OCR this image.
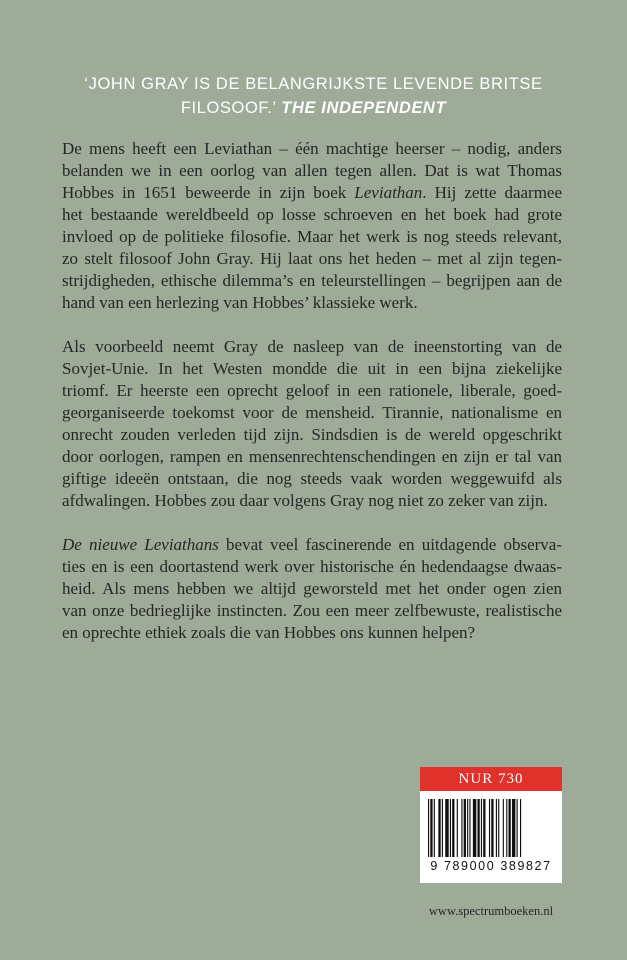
‘JOHN GRAY IS DE BELANGRIJKSTE LEVENDE BRITSE
FILOSOOF.’ THE INDEPENDENT

De mens heeft een Leviathan – één machtige heerser – nodig, anders
belanden we in een oorlog van allen tegen allen. Dat is wat Thomas
Hobbes in 1651 beweerde in zijn boek Leviathan. Hij zette daarmee
het bestaande wereldbeeld op losse schroeven en het boek had grote
invloed op de politieke filosofie. Maar het werk is nog steeds relevant,
zo stelt filosoof John Gray. Hij laat ons het heden – met al zijn tegen-
strijdigheden, ethische dilemma’s en teleurstellingen – begrijpen aan de
hand van een herlezing van Hobbes’ klassieke werk.

Als voorbeeld neemt Gray de nasleep van de ineenstorting van de
Sovjet-Unie. In het Westen mondde die uit in een bijna ziekelijke
triomf. Er heerste een oprecht geloof in een rationele, liberale, goed-
georganiseerde toekomst voor de mensheid. Tirannie, nationalisme en
onrecht zouden verleden tijd zijn. Sindsdien is de wereld opgeschrikt
door oorlogen, rampen en mensenrechtenschendingen en zijn er tal van
giftige ideeën ontstaan, die nog steeds vaak worden weggewuifd als
afdwalingen. Hobbes zou daar volgens Gray nog niet zo zeker van zijn.

De nieuwe Leviathans bevat veel fascinerende en uitdagende observa-
ties en is een doortastend werk over historische én hedendaagse dwaas-
heid. Als mens hebben we altijd geworsteld met het onder ogen zien
van onze bedrieglijke instincten. Zou een meer zelfbewuste, realistische
en oprechte ethiek zoals die van Hobbes ons kunnen helpen?

NUR 730
9 789000 389827
www.spectrumboeken.nl
